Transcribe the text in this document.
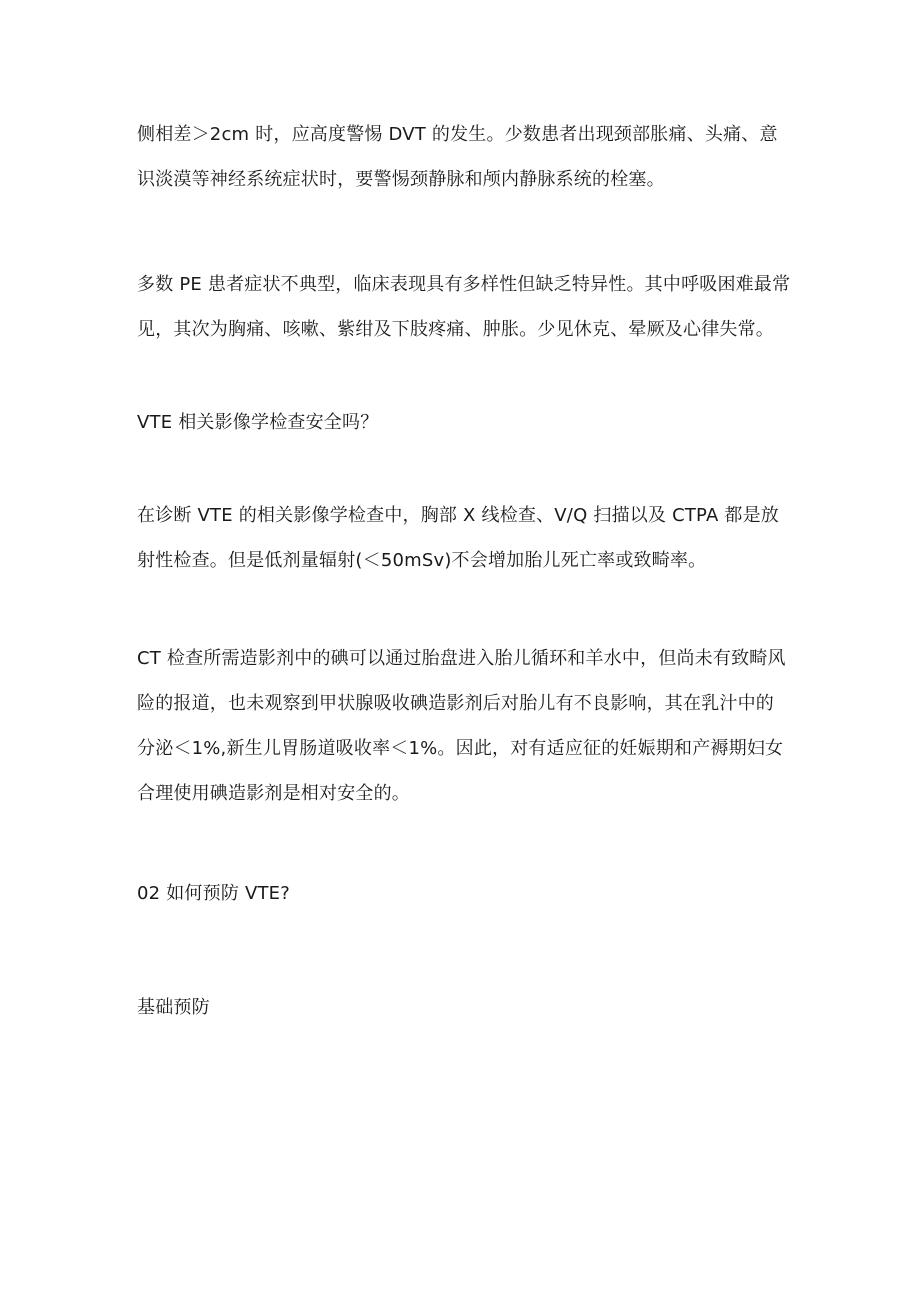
侧相差＞2cm 时，应高度警惕 DVT 的发生。少数患者出现颈部胀痛、头痛、意
识淡漠等神经系统症状时，要警惕颈静脉和颅内静脉系统的栓塞。

多数 PE 患者症状不典型，临床表现具有多样性但缺乏特异性。其中呼吸困难最常
见，其次为胸痛、咳嗽、紫绀及下肢疼痛、肿胀。少见休克、晕厥及心律失常。

VTE 相关影像学检查安全吗？

在诊断 VTE 的相关影像学检查中，胸部 X 线检查、V/Q 扫描以及 CTPA 都是放
射性检查。但是低剂量辐射(＜50mSv)不会增加胎儿死亡率或致畸率。

CT 检查所需造影剂中的碘可以通过胎盘进入胎儿循环和羊水中，但尚未有致畸风
险的报道，也未观察到甲状腺吸收碘造影剂后对胎儿有不良影响，其在乳汁中的
分泌＜1%,新生儿胃肠道吸收率＜1%。因此，对有适应征的妊娠期和产褥期妇女
合理使用碘造影剂是相对安全的。

02 如何预防 VTE?

基础预防
